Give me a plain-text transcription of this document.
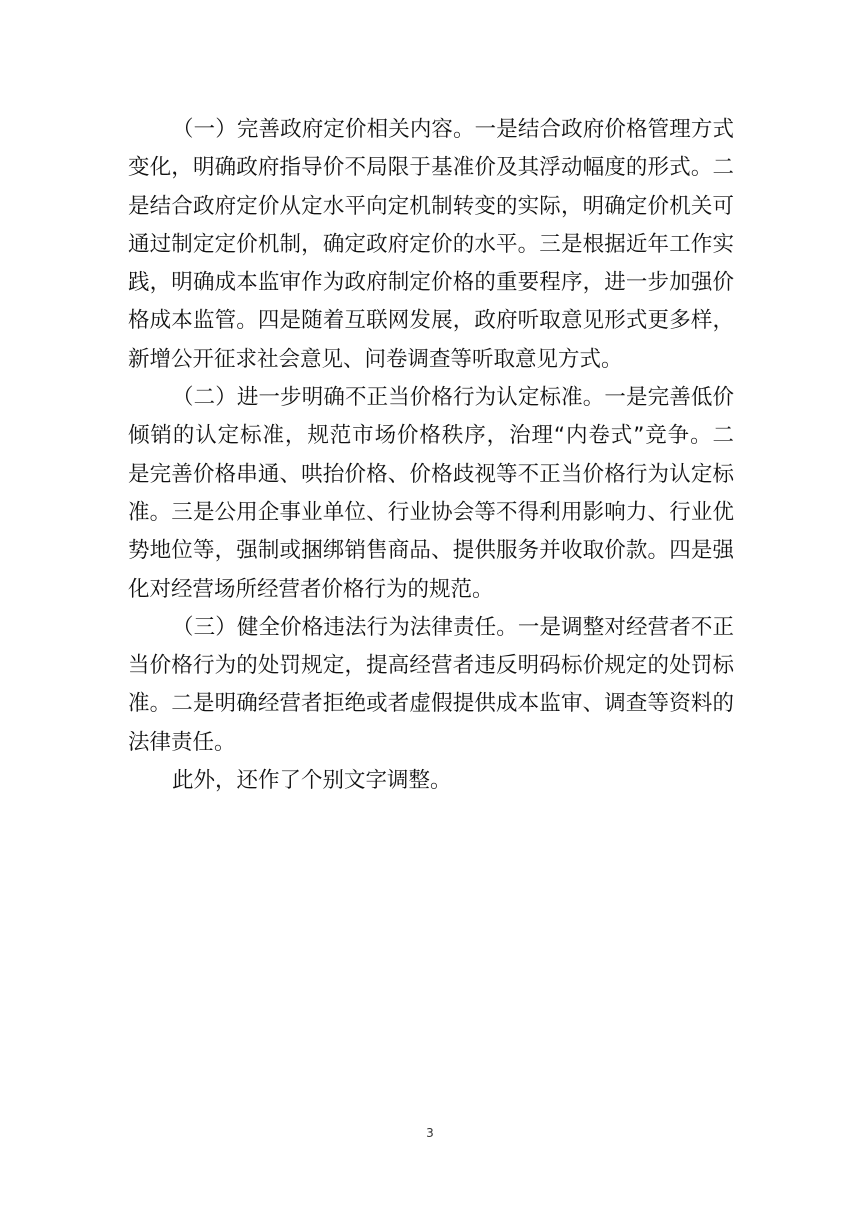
（一）完善政府定价相关内容。一是结合政府价格管理方式
变化，明确政府指导价不局限于基准价及其浮动幅度的形式。二
是结合政府定价从定水平向定机制转变的实际，明确定价机关可
通过制定定价机制，确定政府定价的水平。三是根据近年工作实
践，明确成本监审作为政府制定价格的重要程序，进一步加强价
格成本监管。四是随着互联网发展，政府听取意见形式更多样，
新增公开征求社会意见、问卷调查等听取意见方式。
（二）进一步明确不正当价格行为认定标准。一是完善低价
倾销的认定标准，规范市场价格秩序，治理“内卷式”竞争。二
是完善价格串通、哄抬价格、价格歧视等不正当价格行为认定标
准。三是公用企事业单位、行业协会等不得利用影响力、行业优
势地位等，强制或捆绑销售商品、提供服务并收取价款。四是强
化对经营场所经营者价格行为的规范。
（三）健全价格违法行为法律责任。一是调整对经营者不正
当价格行为的处罚规定，提高经营者违反明码标价规定的处罚标
准。二是明确经营者拒绝或者虚假提供成本监审、调查等资料的
法律责任。
此外，还作了个别文字调整。
3
